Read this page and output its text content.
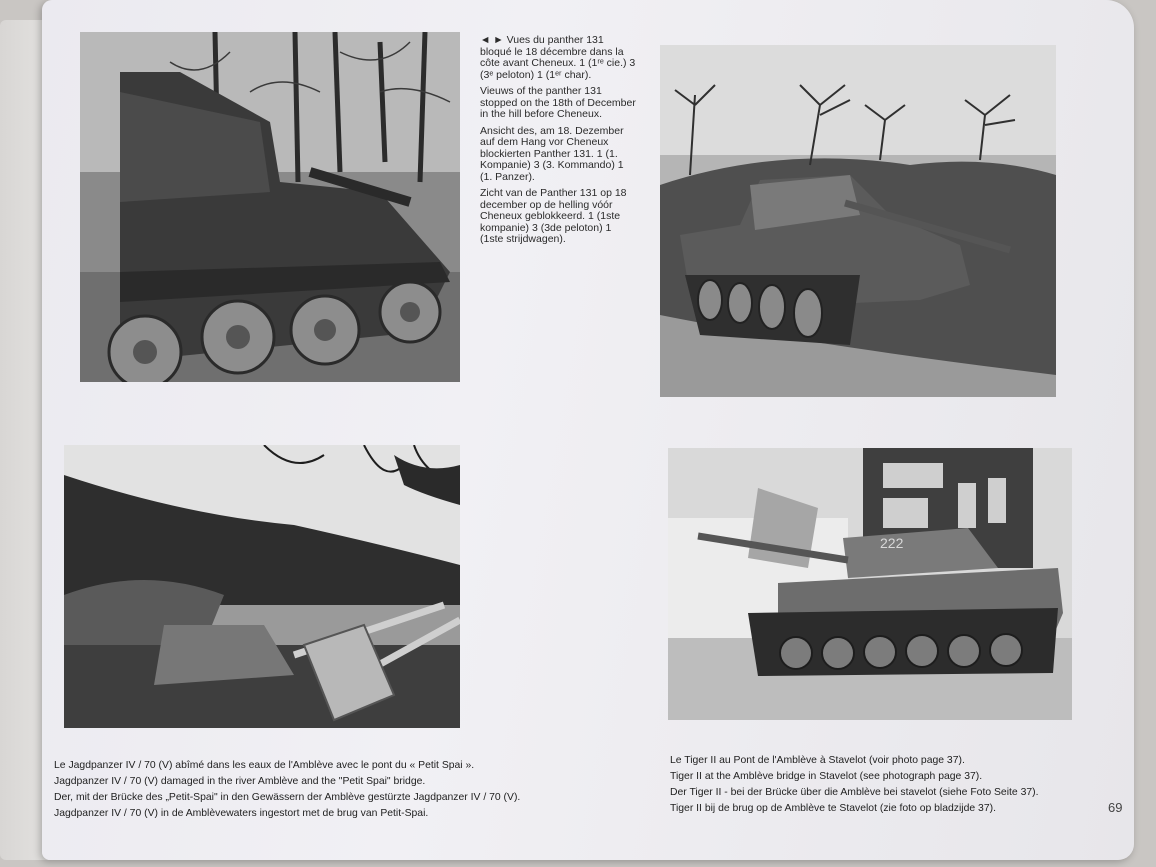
◄ ► Vues du panther 131 bloqué le 18 décembre dans la côte avant Cheneux. 1 (1ʳᵉ cie.) 3 (3ᵉ peloton) 1 (1ᵉʳ char).

Vieuws of the panther 131 stopped on the 18th of December in the hill before Cheneux.

Ansicht des, am 18. Dezember auf dem Hang vor Cheneux blockierten Panther 131. 1 (1. Kompanie) 3 (3. Kommando) 1 (1. Panzer).

Zicht van de Panther 131 op 18 december op de helling vóór Cheneux geblokkeerd. 1 (1ste kompanie) 3 (3de peloton) 1 (1ste strijdwagen).

222
Le Jagdpanzer IV / 70 (V) abîmé dans les eaux de l'Amblève avec le pont du « Petit Spai ».
Jagdpanzer IV / 70 (V) damaged in the river Amblève and the "Petit Spai" bridge.
Der, mit der Brücke des „Petit-Spai" in den Gewässern der Amblève gestürzte Jagdpanzer IV / 70 (V).
Jagdpanzer IV / 70 (V) in de Amblèvewaters ingestort met de brug van Petit-Spai.
Le Tiger II au Pont de l'Amblève à Stavelot (voir photo page 37).
Tiger II at the Amblève bridge in Stavelot (see photograph page 37).
Der Tiger II - bei der Brücke über die Amblève bei stavelot (siehe Foto Seite 37).
Tiger II bij de brug op de Amblève te Stavelot (zie foto op bladzijde 37).	69
